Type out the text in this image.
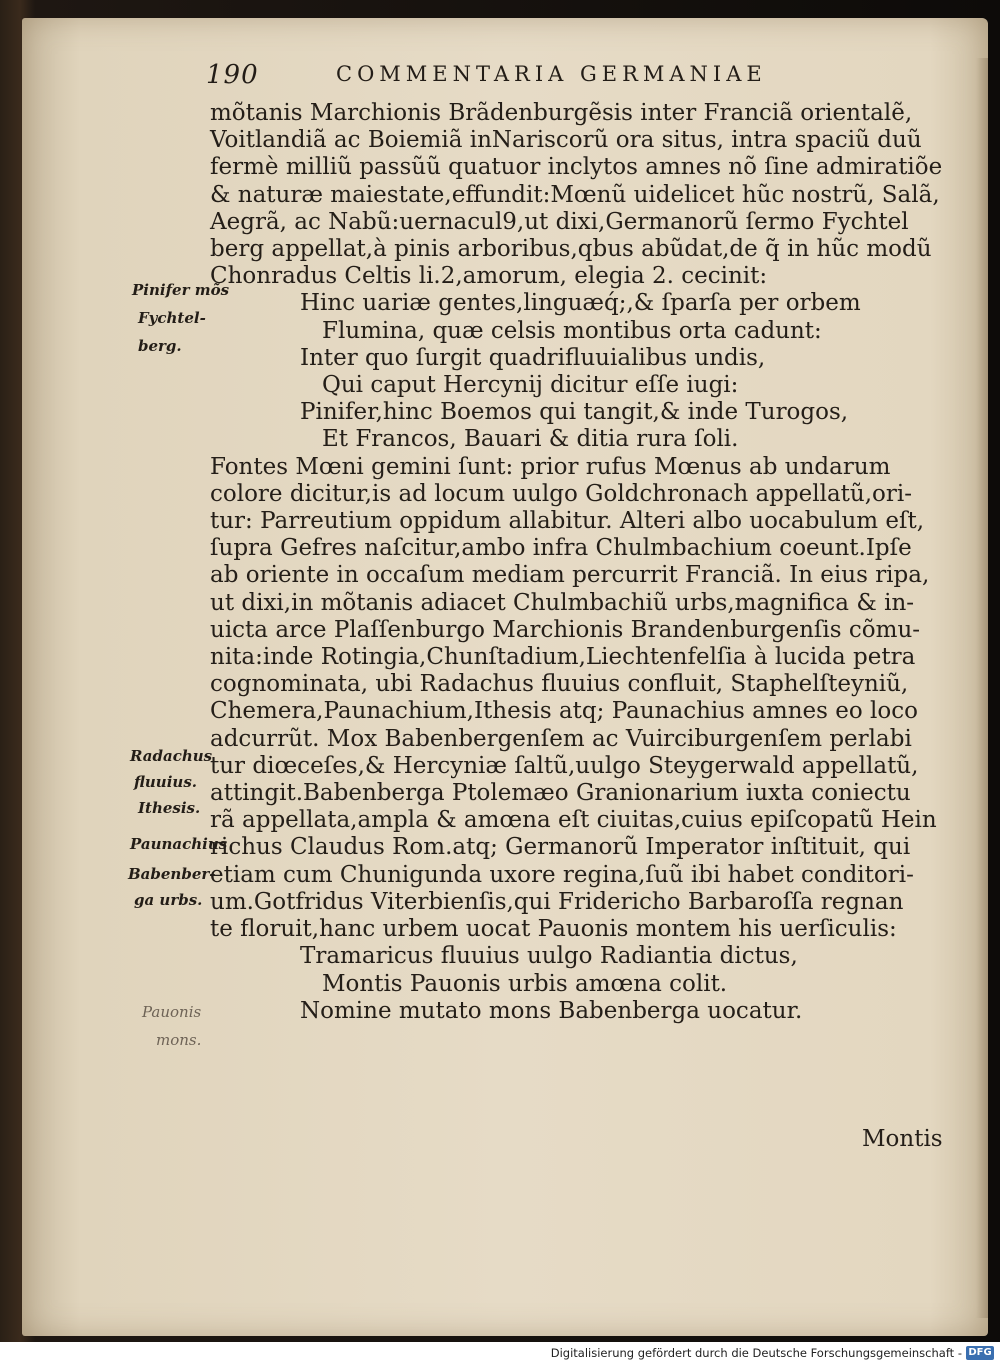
190	COMMENTARIA GERMANIAE
Pinifer mõs
Fychtel-
berg.
Radachus
fluuius.
Ithesis.
Paunachius
Babenber-
ga urbs.
Pauonis
mons.
mõtanis Marchionis Brãdenburgẽsis inter Franciã orientalẽ,
Voitlandiã ac Boiemiã inNariscorũ ora situs, intra spaciũ duũ
fermè milliũ passũũ quatuor inclytos amnes nõ ſine admiratiõe
& naturæ maiestate,effundit:Mœnũ uidelicet hũc nostrũ, Salã,
Aegrã, ac Nabũ:uernacul9,ut dixi,Germanorũ ſermo Fychtel
berg appellat,à pinis arboribus,qbus abũdat,de q̃ in hũc modũ
Chonradus Celtis li.2,amorum, elegia 2. cecinit:
Hinc uariæ gentes,linguæq́;,& ſparſa per orbem
Flumina, quæ celsis montibus orta cadunt:
Inter quo ſurgit quadrifluuialibus undis,
Qui caput Hercynij dicitur eſſe iugi:
Pinifer,hinc Boemos qui tangit,& inde Turogos,
Et Francos, Bauari & ditia rura ſoli.
Fontes Mœni gemini ſunt: prior rufus Mœnus ab undarum
colore dicitur,is ad locum uulgo Goldchronach appellatũ,ori-
tur: Parreutium oppidum allabitur. Alteri albo uocabulum eſt,
ſupra Gefres naſcitur,ambo infra Chulmbachium coeunt.Ipſe
ab oriente in occaſum mediam percurrit Franciã. In eius ripa,
ut dixi,in mõtanis adiacet Chulmbachiũ urbs,magnifica & in-
uicta arce Plaſſenburgo Marchionis Brandenburgenſis cõmu-
nita:inde Rotingia,Chunſtadium,Liechtenfelſia à lucida petra
cognominata, ubi Radachus fluuius confluit, Staphelſteyniũ,
Chemera,Paunachium,Ithesis atq; Paunachius amnes eo loco
adcurrũt. Mox Babenbergenſem ac Vuirciburgenſem perlabi
tur diœceſes,& Hercyniæ ſaltũ,uulgo Steygerwald appellatũ,
attingit.Babenberga Ptolemæo Granionarium iuxta coniectu
rã appellata,ampla & amœna eſt ciuitas,cuius epiſcopatũ Hein
richus Claudus Rom.atq; Germanorũ Imperator inſtituit, qui
etiam cum Chunigunda uxore regina,ſuũ ibi habet conditori-
um.Gotfridus Viterbienſis,qui Fridericho Barbaroſſa regnan
te floruit,hanc urbem uocat Pauonis montem his uerſiculis:
Tramaricus fluuius uulgo Radiantia dictus,
Montis Pauonis urbis amœna colit.
Nomine mutato mons Babenberga uocatur.
Montis
Digitalisierung gefördert durch die Deutsche Forschungsgemeinschaft - DFG
